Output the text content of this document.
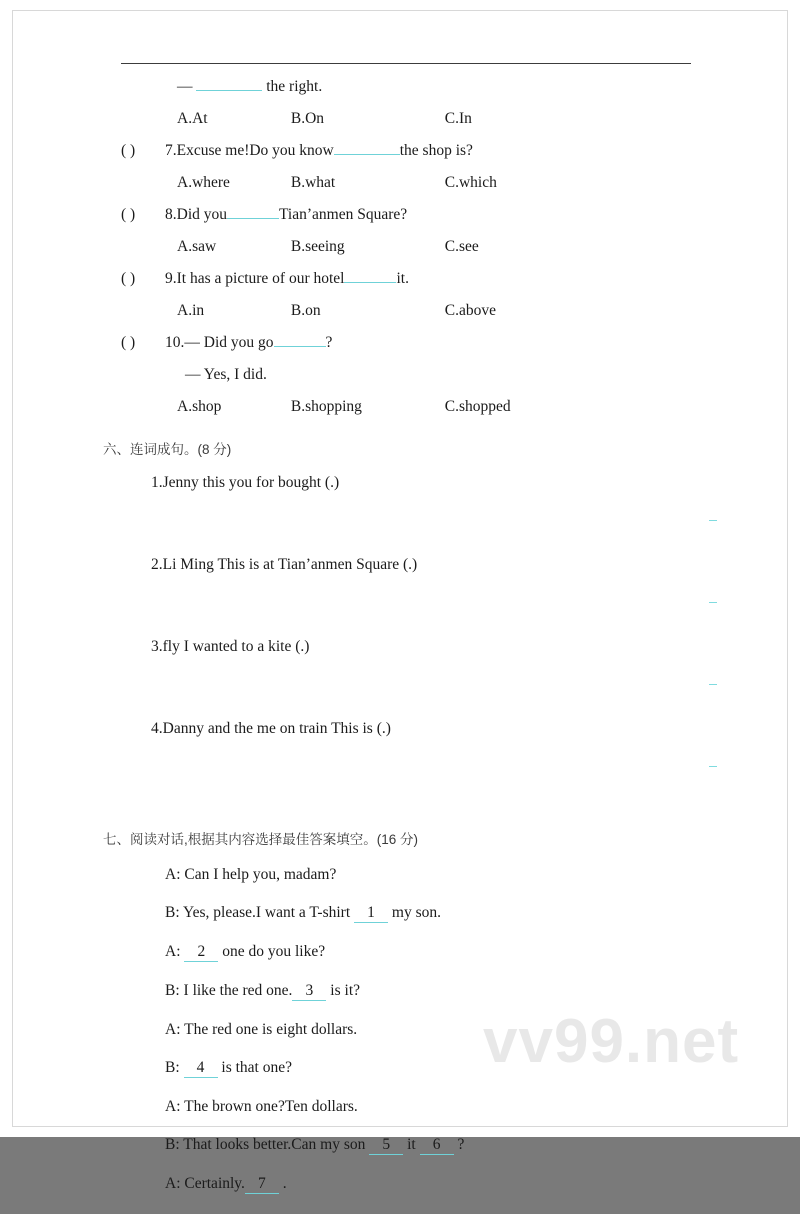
—	the right.
A.At	B.On	C.In
( ) 7.Excuse me!Do you know	the shop is?
A.where	B.what	C.which
( ) 8.Did you	Tian’anmen Square?
A.saw	B.seeing	C.see
( ) 9.It has a picture of our hotel	it.
A.in	B.on	C.above
( ) 10.— Did you go	?
— Yes, I did.
A.shop	B.shopping	C.shopped
六、连词成句。(8 分)
1.Jenny this you for bought (.)
2.Li Ming This is at Tian’anmen Square (.)
3.fly I wanted to a kite (.)
4.Danny and the me on train This is (.)
七、阅读对话,根据其内容选择最佳答案填空。(16 分)
A: Can I help you, madam?
B: Yes, please.I want a T-shirt 1 my son.
A: 2 one do you like?
B: I like the red one. 3 is it?
A: The red one is eight dollars.
B: 4 is that one?
A: The brown one?Ten dollars.
B: That looks better.Can my son 5 it 6 ?
A: Certainly. 7 .
vv99.net
